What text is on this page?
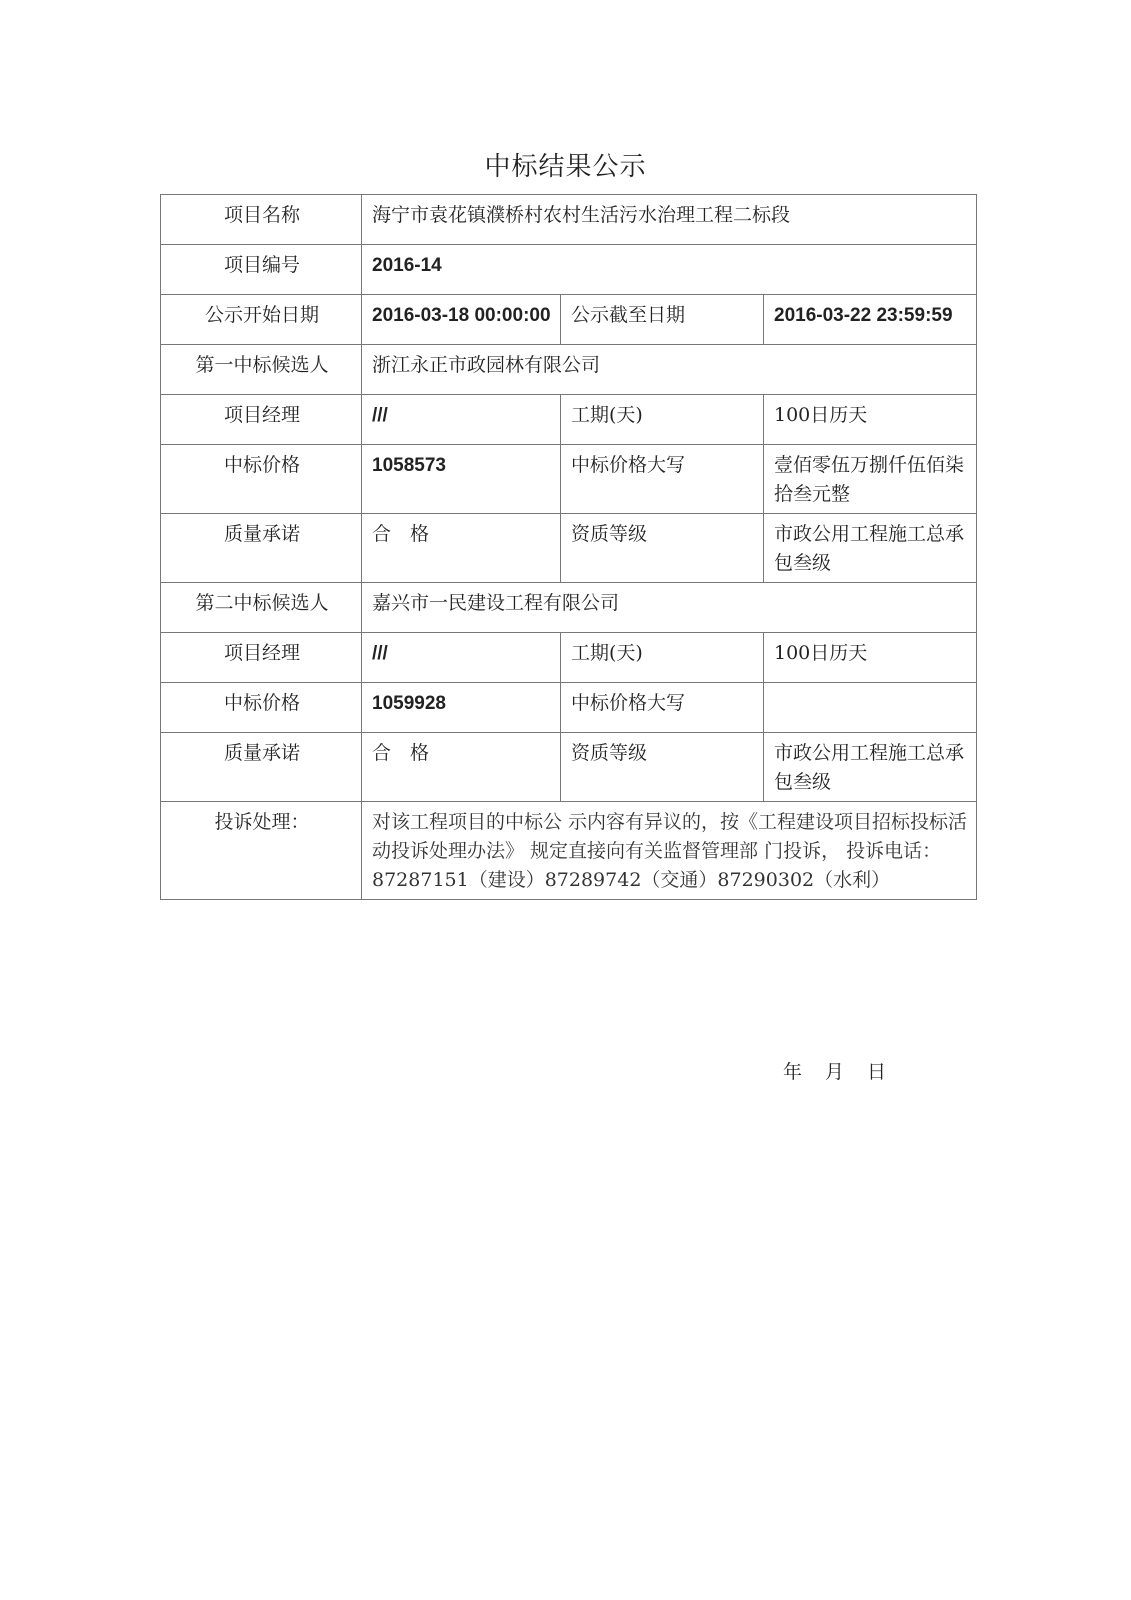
中标结果公示
项目名称	海宁市袁花镇濮桥村农村生活污水治理工程二标段		
项目编号	2016-14		
公示开始日期	2016-03-18 00:00:00	公示截至日期	2016-03-22 23:59:59
第一中标候选人	浙江永正市政园林有限公司		
项目经理	///	工期(天)	100日历天
中标价格	1058573	中标价格大写	壹佰零伍万捌仟伍佰柒拾叁元整
质量承诺	合　格	资质等级	市政公用工程施工总承包叁级
第二中标候选人	嘉兴市一民建设工程有限公司		
项目经理	///	工期(天)	100日历天
中标价格	1059928	中标价格大写	
质量承诺	合　格	资质等级	市政公用工程施工总承包叁级
投诉处理：	对该工程项目的中标公 示内容有异议的，按《工程建设项目招标投标活动投诉处理办法》 规定直接向有关监督管理部 门投诉， 投诉电话：87287151（建设）87289742（交通）87290302（水利）		
年 月 日
